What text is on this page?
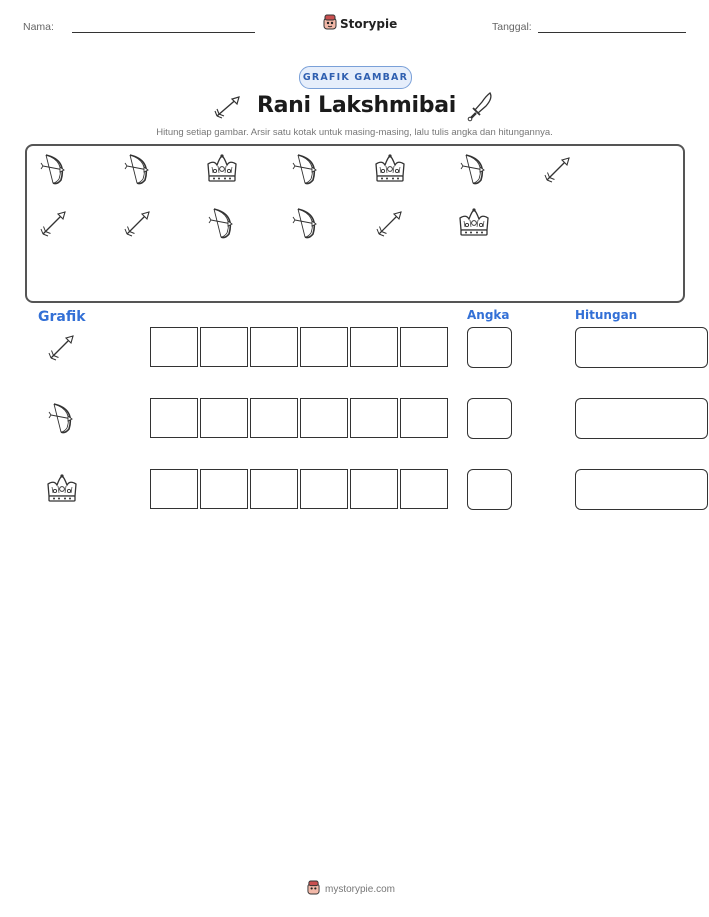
Nama:	Storypie	Tanggal:
GRAFIK GAMBAR
Rani Lakshmibai
Hitung setiap gambar. Arsir satu kotak untuk masing-masing, lalu tulis angka dan hitungannya.
Grafik	Angka	Hitungan
mystorypie.com
